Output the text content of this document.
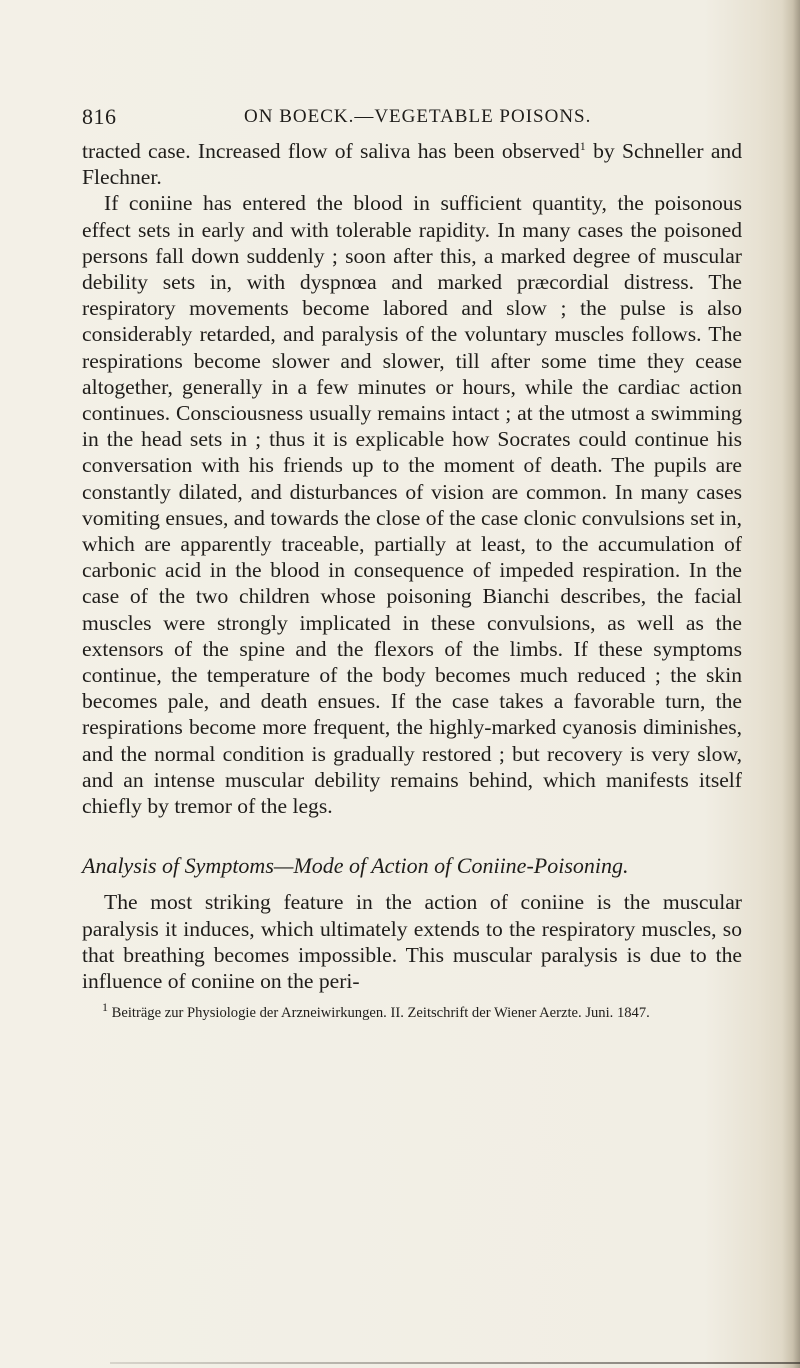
816	ON BOECK.—VEGETABLE POISONS.

tracted case. Increased flow of saliva has been observed$^1$ by Schneller and Flechner.

If coniine has entered the blood in sufficient quantity, the poisonous effect sets in early and with tolerable rapidity. In many cases the poisoned persons fall down suddenly ; soon after this, a marked degree of muscular debility sets in, with dyspnœa and marked præcordial distress. The respiratory movements become labored and slow ; the pulse is also considerably retarded, and paralysis of the voluntary muscles follows. The respirations become slower and slower, till after some time they cease altogether, generally in a few minutes or hours, while the cardiac action continues. Consciousness usually remains intact ; at the utmost a swimming in the head sets in ; thus it is explicable how Socrates could continue his conversation with his friends up to the moment of death. The pupils are constantly dilated, and disturbances of vision are common. In many cases vomiting ensues, and towards the close of the case clonic convulsions set in, which are apparently traceable, partially at least, to the accumulation of carbonic acid in the blood in consequence of impeded respiration. In the case of the two children whose poisoning Bianchi describes, the facial muscles were strongly implicated in these convulsions, as well as the extensors of the spine and the flexors of the limbs. If these symptoms continue, the temperature of the body becomes much reduced ; the skin becomes pale, and death ensues. If the case takes a favorable turn, the respirations become more frequent, the highly-marked cyanosis diminishes, and the normal condition is gradually restored ; but recovery is very slow, and an intense muscular debility remains behind, which manifests itself chiefly by tremor of the legs.

Analysis of Symptoms—Mode of Action of Coniine-Poisoning.

The most striking feature in the action of coniine is the muscular paralysis it induces, which ultimately extends to the respiratory muscles, so that breathing becomes impossible. This muscular paralysis is due to the influence of coniine on the peri-

$^1$ Beiträge zur Physiologie der Arzneiwirkungen. II. Zeitschrift der Wiener Aerzte. Juni. 1847.
